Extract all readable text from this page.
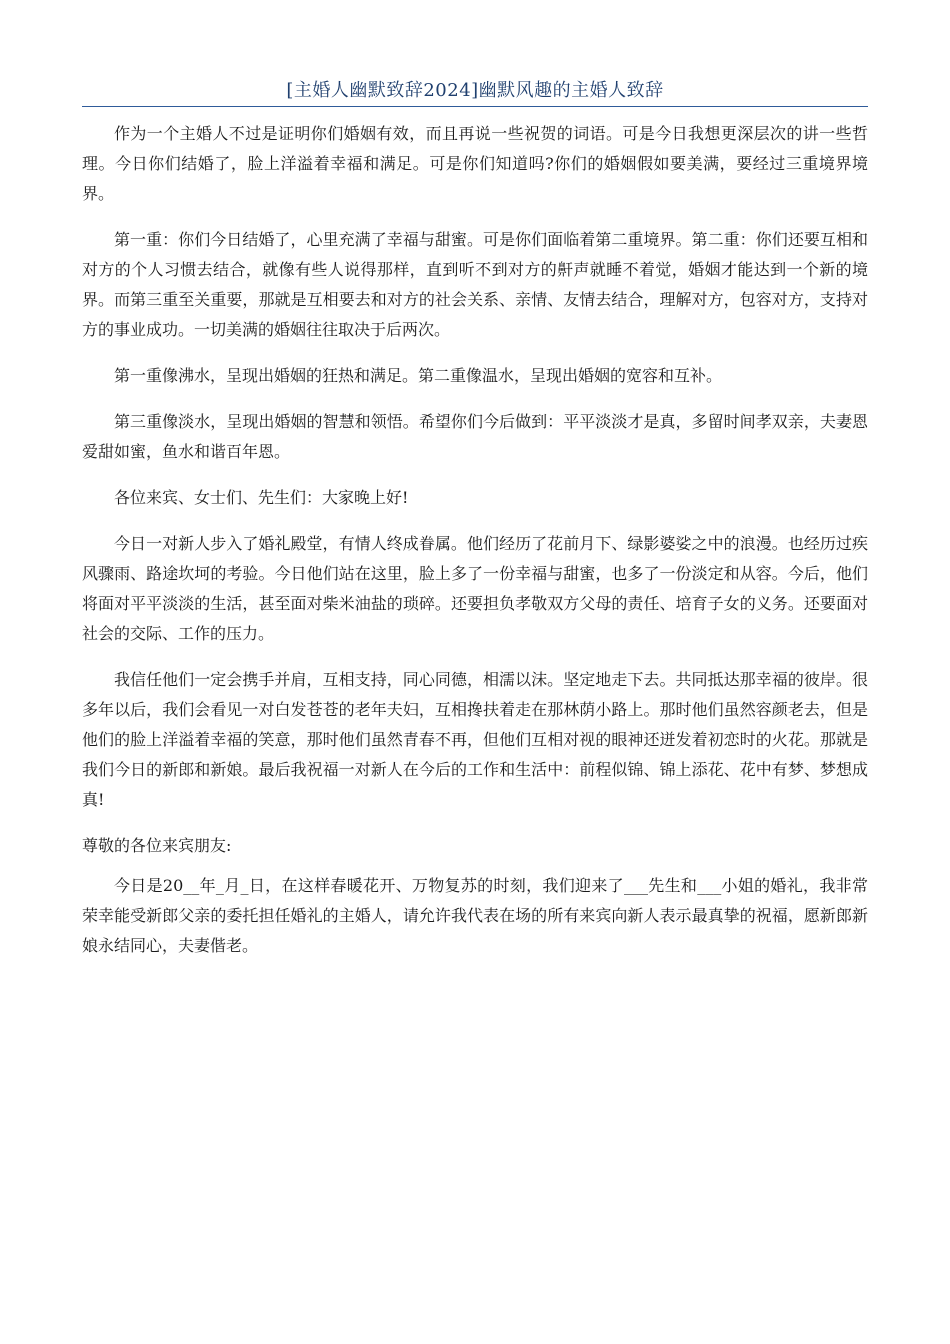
[主婚人幽默致辞2024]幽默风趣的主婚人致辞

作为一个主婚人不过是证明你们婚姻有效，而且再说一些祝贺的词语。可是今日我想更深层次的讲一些哲理。今日你们结婚了，脸上洋溢着幸福和满足。可是你们知道吗?你们的婚姻假如要美满，要经过三重境界境界。

第一重：你们今日结婚了，心里充满了幸福与甜蜜。可是你们面临着第二重境界。第二重：你们还要互相和对方的个人习惯去结合，就像有些人说得那样，直到听不到对方的鼾声就睡不着觉，婚姻才能达到一个新的境界。而第三重至关重要，那就是互相要去和对方的社会关系、亲情、友情去结合，理解对方，包容对方，支持对方的事业成功。一切美满的婚姻往往取决于后两次。

第一重像沸水，呈现出婚姻的狂热和满足。第二重像温水，呈现出婚姻的宽容和互补。

第三重像淡水，呈现出婚姻的智慧和领悟。希望你们今后做到：平平淡淡才是真，多留时间孝双亲，夫妻恩爱甜如蜜，鱼水和谐百年恩。

各位来宾、女士们、先生们：大家晚上好!

今日一对新人步入了婚礼殿堂，有情人终成眷属。他们经历了花前月下、绿影婆娑之中的浪漫。也经历过疾风骤雨、路途坎坷的考验。今日他们站在这里，脸上多了一份幸福与甜蜜，也多了一份淡定和从容。今后，他们将面对平平淡淡的生活，甚至面对柴米油盐的琐碎。还要担负孝敬双方父母的责任、培育子女的义务。还要面对社会的交际、工作的压力。

我信任他们一定会携手并肩，互相支持，同心同德，相濡以沫。坚定地走下去。共同抵达那幸福的彼岸。很多年以后，我们会看见一对白发苍苍的老年夫妇，互相搀扶着走在那林荫小路上。那时他们虽然容颜老去，但是他们的脸上洋溢着幸福的笑意，那时他们虽然青春不再，但他们互相对视的眼神还迸发着初恋时的火花。那就是我们今日的新郎和新娘。最后我祝福一对新人在今后的工作和生活中：前程似锦、锦上添花、花中有梦、梦想成真!

尊敬的各位来宾朋友:

今日是20__年_月_日，在这样春暖花开、万物复苏的时刻，我们迎来了___先生和___小姐的婚礼，我非常荣幸能受新郎父亲的委托担任婚礼的主婚人，请允许我代表在场的所有来宾向新人表示最真挚的祝福，愿新郎新娘永结同心，夫妻偕老。
